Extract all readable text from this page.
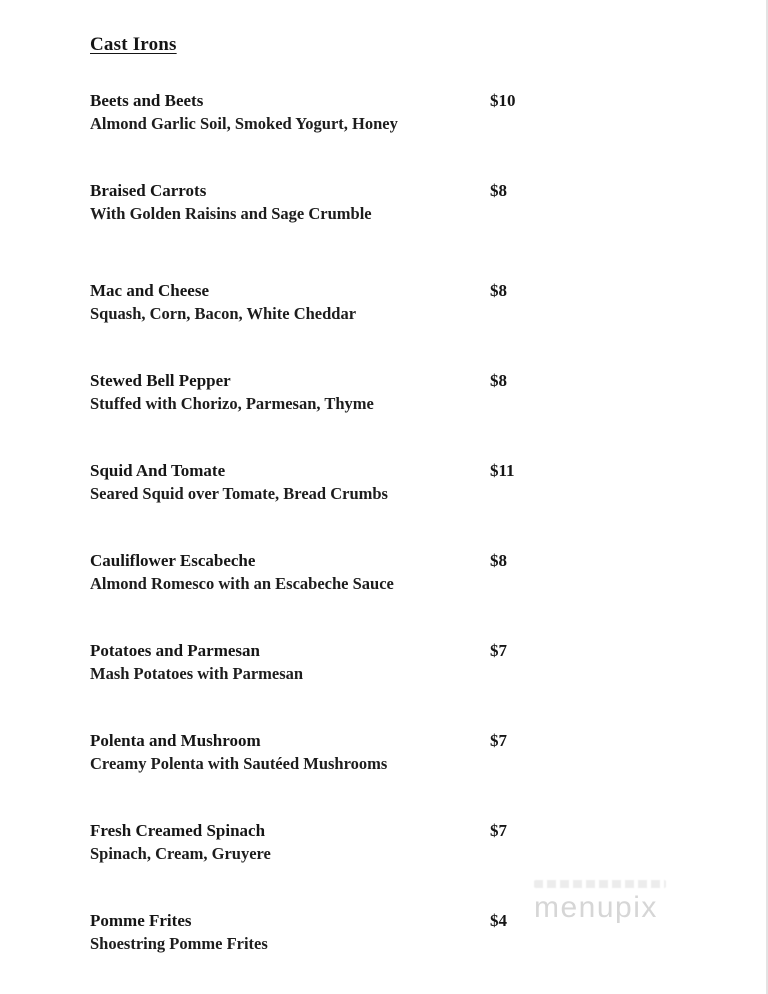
Cast Irons
Beets and Beets
Almond Garlic Soil, Smoked Yogurt, Honey
$10
Braised Carrots
With Golden Raisins and Sage Crumble
$8
Mac and Cheese
Squash, Corn, Bacon, White Cheddar
$8
Stewed Bell Pepper
Stuffed with Chorizo, Parmesan, Thyme
$8
Squid And Tomate
Seared Squid over Tomate, Bread Crumbs
$11
Cauliflower Escabeche
Almond Romesco with an Escabeche Sauce
$8
Potatoes and Parmesan
Mash Potatoes with Parmesan
$7
Polenta and Mushroom
Creamy Polenta with Sautéed Mushrooms
$7
Fresh Creamed Spinach
Spinach, Cream, Gruyere
$7
Pomme Frites
Shoestring Pomme Frites
$4 menupix
